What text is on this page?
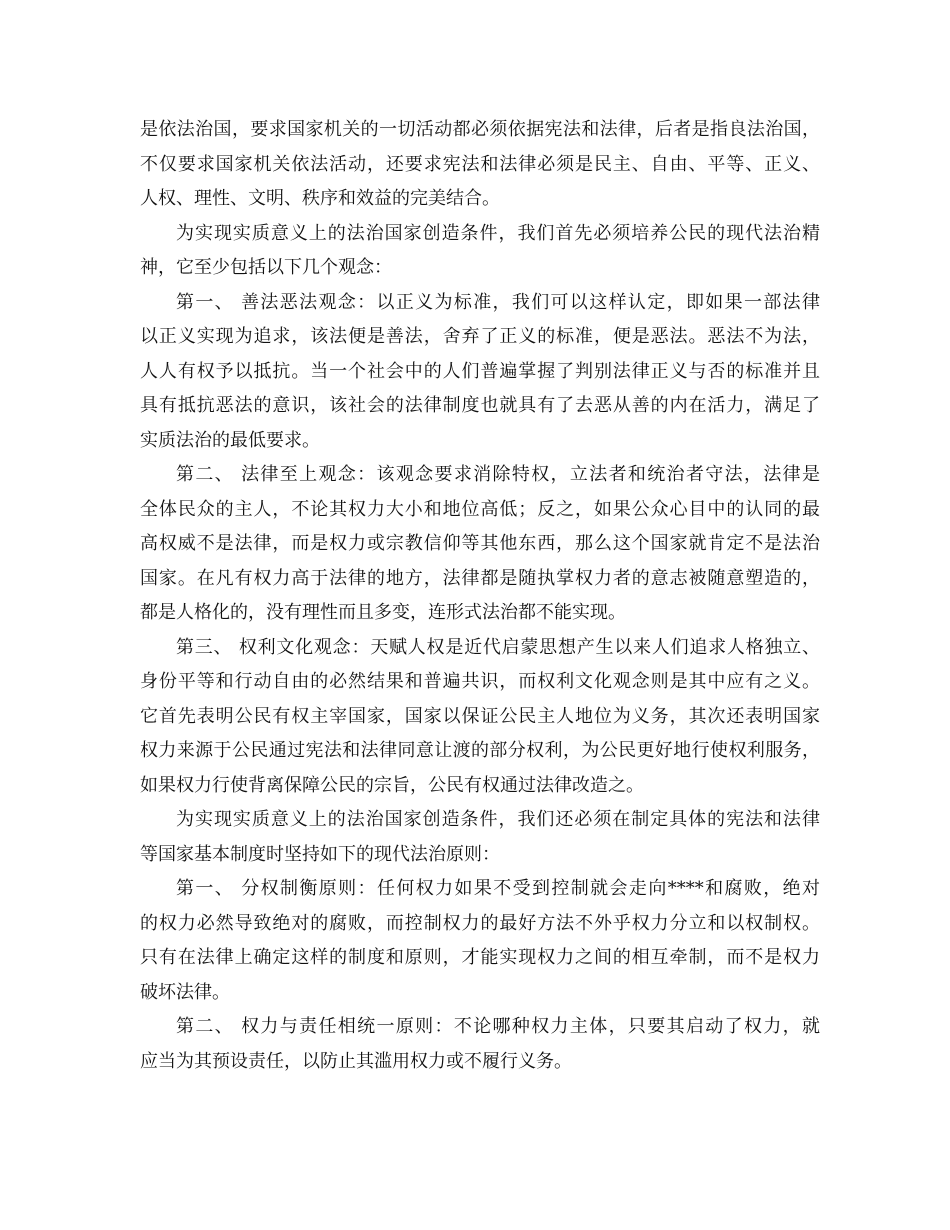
是依法治国，要求国家机关的一切活动都必须依据宪法和法律，后者是指良法治国，
不仅要求国家机关依法活动，还要求宪法和法律必须是民主、自由、平等、正义、
人权、理性、文明、秩序和效益的完美结合。
为实现实质意义上的法治国家创造条件，我们首先必须培养公民的现代法治精
神，它至少包括以下几个观念：
第一、 善法恶法观念：以正义为标准，我们可以这样认定，即如果一部法律
以正义实现为追求，该法便是善法，舍弃了正义的标准，便是恶法。恶法不为法，
人人有权予以抵抗。当一个社会中的人们普遍掌握了判别法律正义与否的标准并且
具有抵抗恶法的意识，该社会的法律制度也就具有了去恶从善的内在活力，满足了
实质法治的最低要求。
第二、 法律至上观念：该观念要求消除特权，立法者和统治者守法，法律是
全体民众的主人，不论其权力大小和地位高低；反之，如果公众心目中的认同的最
高权威不是法律，而是权力或宗教信仰等其他东西，那么这个国家就肯定不是法治
国家。在凡有权力高于法律的地方，法律都是随执掌权力者的意志被随意塑造的，
都是人格化的，没有理性而且多变，连形式法治都不能实现。
第三、 权利文化观念：天赋人权是近代启蒙思想产生以来人们追求人格独立、
身份平等和行动自由的必然结果和普遍共识，而权利文化观念则是其中应有之义。
它首先表明公民有权主宰国家，国家以保证公民主人地位为义务，其次还表明国家
权力来源于公民通过宪法和法律同意让渡的部分权利，为公民更好地行使权利服务，
如果权力行使背离保障公民的宗旨，公民有权通过法律改造之。
为实现实质意义上的法治国家创造条件，我们还必须在制定具体的宪法和法律
等国家基本制度时坚持如下的现代法治原则：
第一、 分权制衡原则：任何权力如果不受到控制就会走向****和腐败，绝对
的权力必然导致绝对的腐败，而控制权力的最好方法不外乎权力分立和以权制权。
只有在法律上确定这样的制度和原则，才能实现权力之间的相互牵制，而不是权力
破坏法律。
第二、 权力与责任相统一原则：不论哪种权力主体，只要其启动了权力，就
应当为其预设责任，以防止其滥用权力或不履行义务。
